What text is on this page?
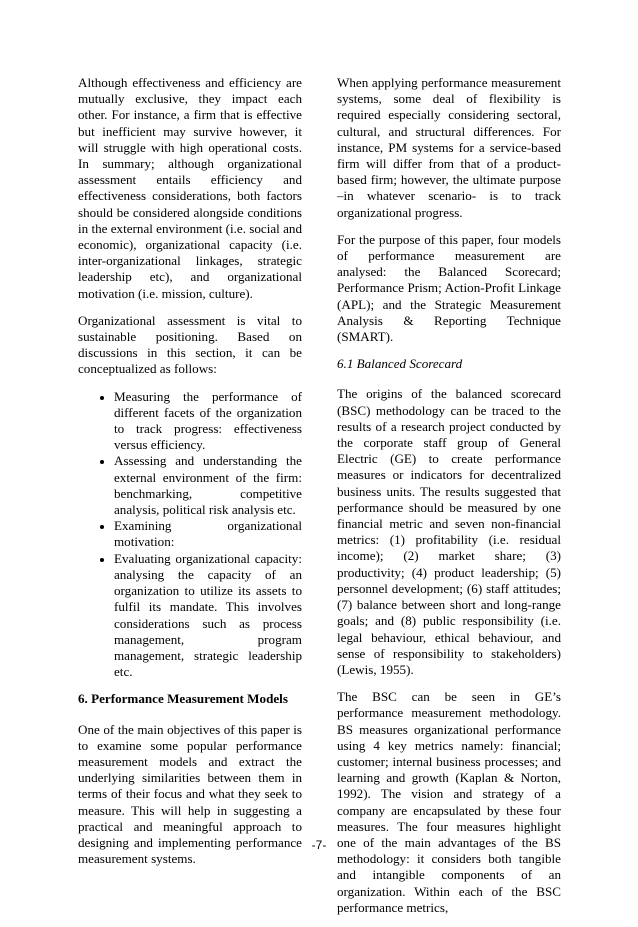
Although effectiveness and efficiency are mutually exclusive, they impact each other. For instance, a firm that is effective but inefficient may survive however, it will struggle with high operational costs. In summary; although organizational assessment entails efficiency and effectiveness considerations, both factors should be considered alongside conditions in the external environment (i.e. social and economic), organizational capacity (i.e. inter-organizational linkages, strategic leadership etc), and organizational motivation (i.e. mission, culture).

Organizational assessment is vital to sustainable positioning. Based on discussions in this section, it can be conceptualized as follows:

• Measuring the performance of different facets of the organization to track progress: effectiveness versus efficiency.
• Assessing and understanding the external environment of the firm: benchmarking, competitive analysis, political risk analysis etc.
• Examining organizational motivation:
• Evaluating organizational capacity: analysing the capacity of an organization to utilize its assets to fulfil its mandate. This involves considerations such as process management, program management, strategic leadership etc.

6. Performance Measurement Models

One of the main objectives of this paper is to examine some popular performance measurement models and extract the underlying similarities between them in terms of their focus and what they seek to measure. This will help in suggesting a practical and meaningful approach to designing and implementing performance measurement systems.

When applying performance measurement systems, some deal of flexibility is required especially considering sectoral, cultural, and structural differences. For instance, PM systems for a service-based firm will differ from that of a product-based firm; however, the ultimate purpose –in whatever scenario- is to track organizational progress.

For the purpose of this paper, four models of performance measurement are analysed: the Balanced Scorecard; Performance Prism; Action-Profit Linkage (APL); and the Strategic Measurement Analysis & Reporting Technique (SMART).

6.1 Balanced Scorecard

The origins of the balanced scorecard (BSC) methodology can be traced to the results of a research project conducted by the corporate staff group of General Electric (GE) to create performance measures or indicators for decentralized business units. The results suggested that performance should be measured by one financial metric and seven non-financial metrics: (1) profitability (i.e. residual income); (2) market share; (3) productivity; (4) product leadership; (5) personnel development; (6) staff attitudes; (7) balance between short and long-range goals; and (8) public responsibility (i.e. legal behaviour, ethical behaviour, and sense of responsibility to stakeholders) (Lewis, 1955).

The BSC can be seen in GE’s performance measurement methodology. BS measures organizational performance using 4 key metrics namely: financial; customer; internal business processes; and learning and growth (Kaplan & Norton, 1992). The vision and strategy of a company are encapsulated by these four measures. The four measures highlight one of the main advantages of the BS methodology: it considers both tangible and intangible components of an organization. Within each of the BSC performance metrics,

-7-
